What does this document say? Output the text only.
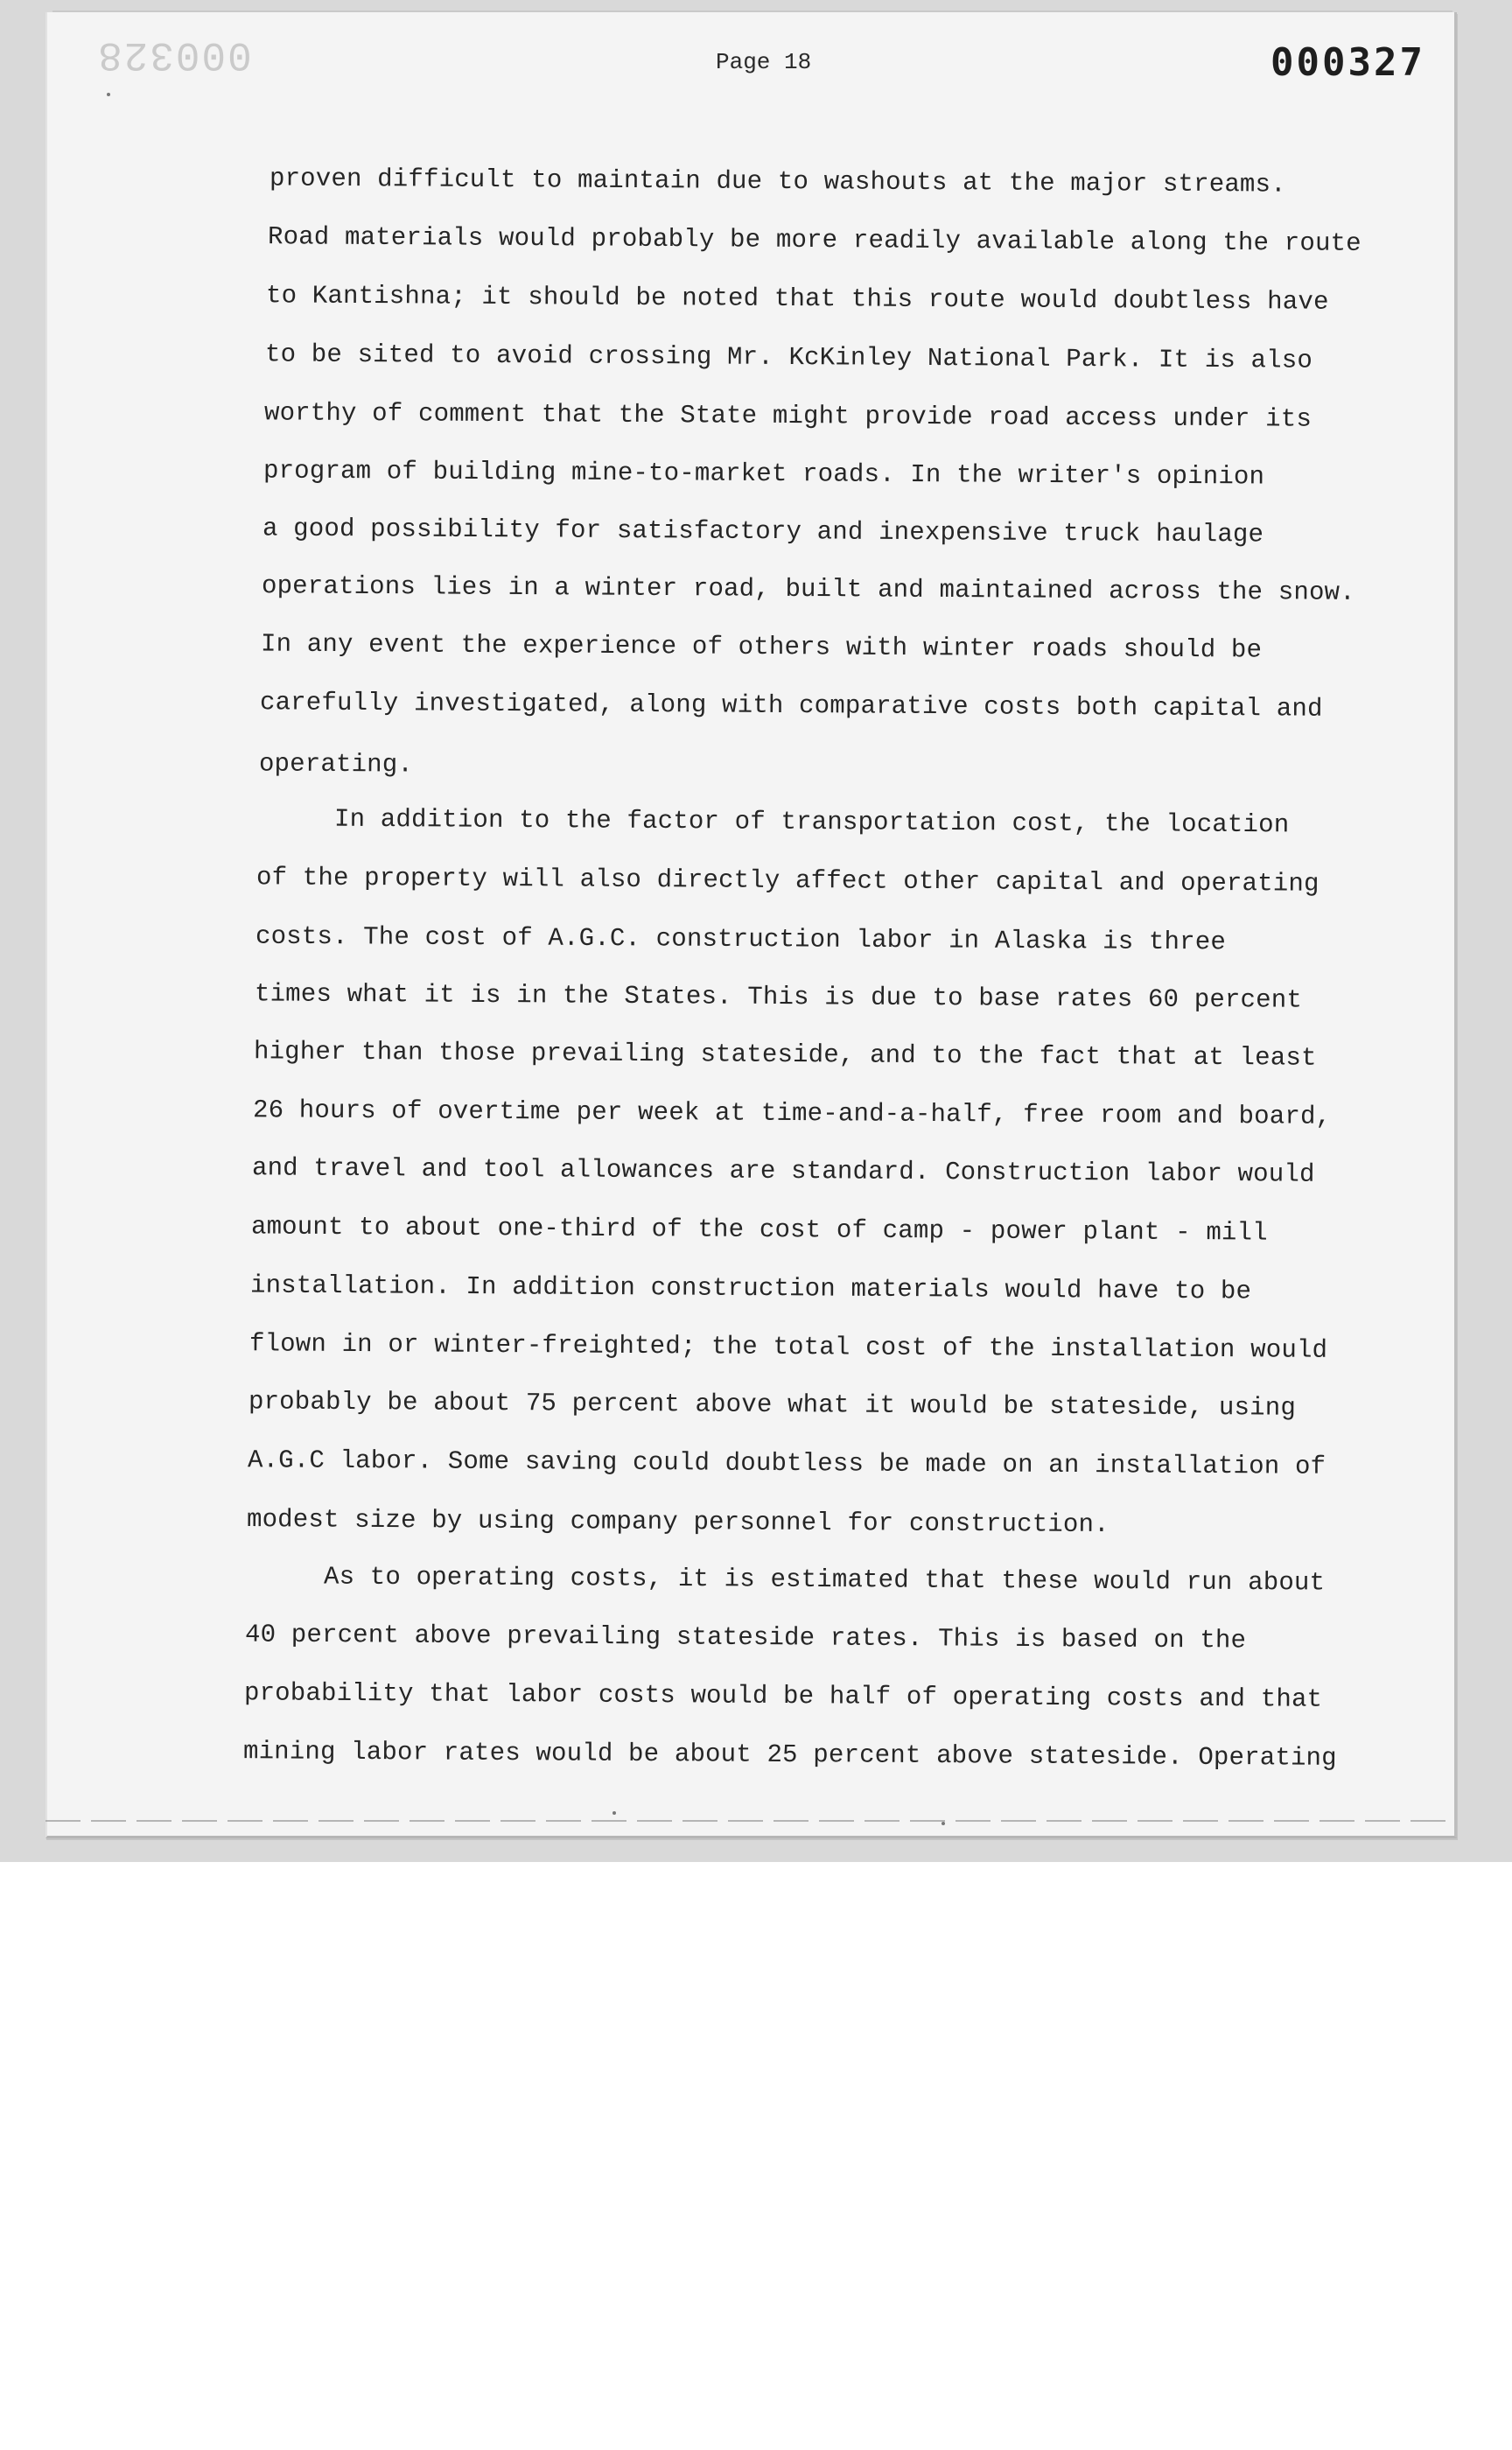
000328	Page 18	000327
proven difficult to maintain due to washouts at the major streams.
Road materials would probably be more readily available along the route
to Kantishna; it should be noted that this route would doubtless have
to be sited to avoid crossing Mr. KcKinley National Park. It is also
worthy of comment that the State might provide road access under its
program of building mine-to-market roads. In the writer's opinion
a good possibility for satisfactory and inexpensive truck haulage
operations lies in a winter road, built and maintained across the snow.
In any event the experience of others with winter roads should be
carefully investigated, along with comparative costs both capital and
operating.
In addition to the factor of transportation cost, the location
of the property will also directly affect other capital and operating
costs. The cost of A.G.C. construction labor in Alaska is three
times what it is in the States. This is due to base rates 60 percent
higher than those prevailing stateside, and to the fact that at least
26 hours of overtime per week at time-and-a-half, free room and board,
and travel and tool allowances are standard. Construction labor would
amount to about one-third of the cost of camp - power plant - mill
installation. In addition construction materials would have to be
flown in or winter-freighted; the total cost of the installation would
probably be about 75 percent above what it would be stateside, using
A.G.C labor. Some saving could doubtless be made on an installation of
modest size by using company personnel for construction.
As to operating costs, it is estimated that these would run about
40 percent above prevailing stateside rates. This is based on the
probability that labor costs would be half of operating costs and that
mining labor rates would be about 25 percent above stateside. Operating
